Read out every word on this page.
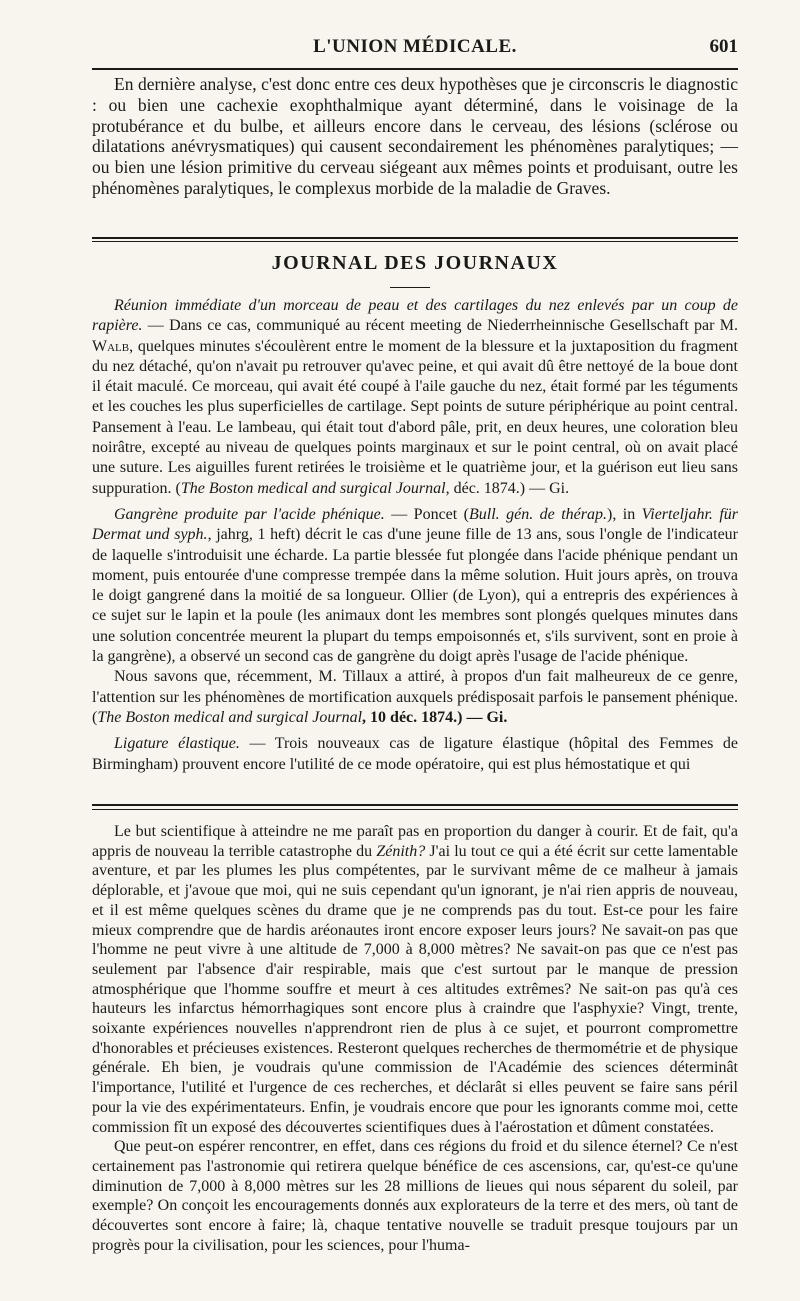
L'UNION MÉDICALE.	601

En dernière analyse, c'est donc entre ces deux hypothèses que je circonscris le diagnostic : ou bien une cachexie exophthalmique ayant déterminé, dans le voisinage de la protubérance et du bulbe, et ailleurs encore dans le cerveau, des lésions (sclérose ou dilatations anévrysmatiques) qui causent secondairement les phénomènes paralytiques; — ou bien une lésion primitive du cerveau siégeant aux mêmes points et produisant, outre les phénomènes paralytiques, le complexus morbide de la maladie de Graves.

JOURNAL DES JOURNAUX

Réunion immédiate d'un morceau de peau et des cartilages du nez enlevés par un coup de rapière. — Dans ce cas, communiqué au récent meeting de Niederrheinnische Gesellschaft par M. Walb, quelques minutes s'écoulèrent entre le moment de la blessure et la juxtaposition du fragment du nez détaché, qu'on n'avait pu retrouver qu'avec peine, et qui avait dû être nettoyé de la boue dont il était maculé. Ce morceau, qui avait été coupé à l'aile gauche du nez, était formé par les téguments et les couches les plus superficielles de cartilage. Sept points de suture périphérique au point central. Pansement à l'eau. Le lambeau, qui était tout d'abord pâle, prit, en deux heures, une coloration bleu noirâtre, excepté au niveau de quelques points marginaux et sur le point central, où on avait placé une suture. Les aiguilles furent retirées le troisième et le quatrième jour, et la guérison eut lieu sans suppuration. (The Boston medical and surgical Journal, déc. 1874.) — Gi.

Gangrène produite par l'acide phénique. — Poncet (Bull. gén. de thérap.), in Vierteljahr. für Dermat und syph., jahrg, 1 heft) décrit le cas d'une jeune fille de 13 ans, sous l'ongle de l'indicateur de laquelle s'introduisit une écharde. La partie blessée fut plongée dans l'acide phénique pendant un moment, puis entourée d'une compresse trempée dans la même solution. Huit jours après, on trouva le doigt gangrené dans la moitié de sa longueur. Ollier (de Lyon), qui a entrepris des expériences à ce sujet sur le lapin et la poule (les animaux dont les membres sont plongés quelques minutes dans une solution concentrée meurent la plupart du temps empoisonnés et, s'ils survivent, sont en proie à la gangrène), a observé un second cas de gangrène du doigt après l'usage de l'acide phénique.

Nous savons que, récemment, M. Tillaux a attiré, à propos d'un fait malheureux de ce genre, l'attention sur les phénomènes de mortification auxquels prédisposait parfois le pansement phénique. (The Boston medical and surgical Journal, 10 déc. 1874.) — Gi.

Ligature élastique. — Trois nouveaux cas de ligature élastique (hôpital des Femmes de Birmingham) prouvent encore l'utilité de ce mode opératoire, qui est plus hémostatique et qui

Le but scientifique à atteindre ne me paraît pas en proportion du danger à courir. Et de fait, qu'a appris de nouveau la terrible catastrophe du Zénith? J'ai lu tout ce qui a été écrit sur cette lamentable aventure, et par les plumes les plus compétentes, par le survivant même de ce malheur à jamais déplorable, et j'avoue que moi, qui ne suis cependant qu'un ignorant, je n'ai rien appris de nouveau, et il est même quelques scènes du drame que je ne comprends pas du tout. Est-ce pour les faire mieux comprendre que de hardis aréonautes iront encore exposer leurs jours? Ne savait-on pas que l'homme ne peut vivre à une altitude de 7,000 à 8,000 mètres? Ne savait-on pas que ce n'est pas seulement par l'absence d'air respirable, mais que c'est surtout par le manque de pression atmosphérique que l'homme souffre et meurt à ces altitudes extrêmes? Ne sait-on pas qu'à ces hauteurs les infarctus hémorrhagiques sont encore plus à craindre que l'asphyxie? Vingt, trente, soixante expériences nouvelles n'apprendront rien de plus à ce sujet, et pourront compromettre d'honorables et précieuses existences. Resteront quelques recherches de thermométrie et de physique générale. Eh bien, je voudrais qu'une commission de l'Académie des sciences déterminât l'importance, l'utilité et l'urgence de ces recherches, et déclarât si elles peuvent se faire sans péril pour la vie des expérimentateurs. Enfin, je voudrais encore que pour les ignorants comme moi, cette commission fît un exposé des découvertes scientifiques dues à l'aérostation et dûment constatées.

Que peut-on espérer rencontrer, en effet, dans ces régions du froid et du silence éternel? Ce n'est certainement pas l'astronomie qui retirera quelque bénéfice de ces ascensions, car, qu'est-ce qu'une diminution de 7,000 à 8,000 mètres sur les 28 millions de lieues qui nous séparent du soleil, par exemple? On conçoit les encouragements donnés aux explorateurs de la terre et des mers, où tant de découvertes sont encore à faire; là, chaque tentative nouvelle se traduit presque toujours par un progrès pour la civilisation, pour les sciences, pour l'huma-
